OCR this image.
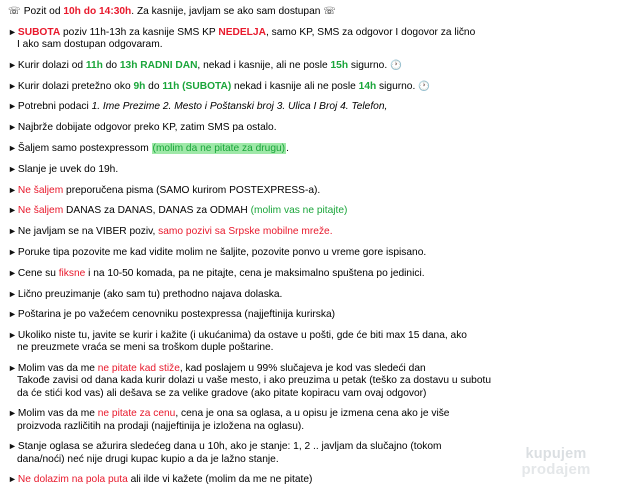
☏ Pozit od 10h do 14:30h. Za kasnije, javljam se ako sam dostupan ☏
►SUBOTA poziv 11h-13h za kasnije SMS KP NEDELJA, samo KP, SMS za odgovor I dogovor za lično
I ako sam dostupan odgovaram.
►Kurir dolazi od 11h do 13h RADNI DAN, nekad i kasnije, ali ne posle 15h sigurno. 🕐
►Kurir dolazi pretežno oko 9h do 11h (SUBOTA) nekad i kasnije ali ne posle 14h sigurno. 🕐
►Potrebni podaci 1. Ime Prezime 2. Mesto i Poštanski broj 3. Ulica I Broj 4. Telefon,
►Najbrže dobijate odgovor preko KP, zatim SMS pa ostalo.
►Šaljem samo postexpressom (molim da ne pitate za drugu).
►Slanje je uvek do 19h.
►Ne šaljem preporučena pisma (SAMO kurirom POSTEXPRESS-a).
►Ne šaljem DANAS za DANAS, DANAS za ODMAH (molim vas ne pitajte)
►Ne javljam se na VIBER poziv, samo pozivi sa Srpske mobilne mreže.
►Poruke tipa pozovite me kad vidite molim ne šaljite, pozovite ponvo u vreme gore ispisano.
►Cene su fiksne i na 10-50 komada, pa ne pitajte, cena je maksimalno spuštena po jedinici.
►Lično preuzimanje (ako sam tu) prethodno najava dolaska.
►Poštarina je po važećem cenovniku postexpressa (najjeftinija kurirska)
►Ukoliko niste tu, javite se kurir i kažite (i ukućanima) da ostave u pošti, gde će biti max 15 dana, ako
ne preuzmete vraća se meni sa troškom duple poštarine.
►Molim vas da me ne pitate kad stiže, kad poslajem u 99% slučajeva je kod vas sledeći dan
Takođe zavisi od dana kada kurir dolazi u vaše mesto, i ako preuzima u petak (teško za dostavu u subotu
da će stići kod vas) ali dešava se za velike gradove (ako pitate kopiracu vam ovaj odgovor)
►Molim vas da me ne pitate za cenu, cena je ona sa oglasa, a u opisu je izmena cena ako je više
proizvoda različitih na prodaji (najjeftinija je izložena na oglasu).
►Stanje oglasa se ažurira sledećeg dana u 10h, ako je stanje: 1, 2 .. javljam da slučajno (tokom
dana/noći) neć nije drugi kupac kupio a da je lažno stanje.
►Ne dolazim na pola puta ali ilde vi kažete (molim da me ne pitate)
kupujem
prodajem
